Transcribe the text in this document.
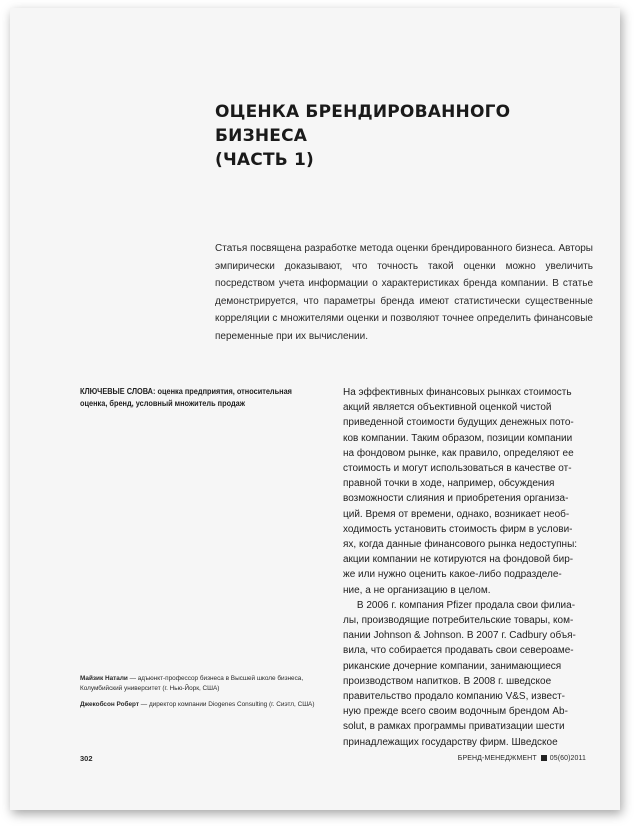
ОЦЕНКА БРЕНДИРОВАННОГО БИЗНЕСА
(ЧАСТЬ 1)

Статья посвящена разработке метода оценки брендированного бизнеса. Авторы эмпирически доказывают, что точность такой оценки можно увеличить посредством учета информации о характеристиках бренда компании. В статье демонстрируется, что параметры бренда имеют статистически существенные корреляции с множителями оценки и позволяют точнее определить финансовые переменные при их вычислении.

КЛЮЧЕВЫЕ СЛОВА: оценка предприятия, относительная оценка, бренд, условный множитель продаж

На эффективных финансовых рынках стоимость
акций является объективной оценкой чистой
приведенной стоимости будущих денежных пото-
ков компании. Таким образом, позиции компании
на фондовом рынке, как правило, определяют ее
стоимость и могут использоваться в качестве от-
правной точки в ходе, например, обсуждения
возможности слияния и приобретения организа-
ций. Время от времени, однако, возникает необ-
ходимость установить стоимость фирм в услови-
ях, когда данные финансового рынка недоступны:
акции компании не котируются на фондовой бир-
же или нужно оценить какое-либо подразделе-
ние, а не организацию в целом.
В 2006 г. компания Pfizer продала свои филиа-
лы, производящие потребительские товары, ком-
пании Johnson & Johnson. В 2007 г. Cadbury объя-
вила, что собирается продавать свои североаме-
риканские дочерние компании, занимающиеся
производством напитков. В 2008 г. шведское
правительство продало компанию V&S, извест-
ную прежде всего своим водочным брендом Ab-
solut, в рамках программы приватизации шести
принадлежащих государству фирм. Шведское

Майзик Натали — адъюнкт-профессор бизнеса в Высшей школе бизнеса, Колумбийский университет (г. Нью-Йорк, США)

Джекобсон Роберт — директор компании Diogenes Consulting (г. Сиэтл, США)

302	БРЕНД-МЕНЕДЖМЕНТ 05(60)2011
